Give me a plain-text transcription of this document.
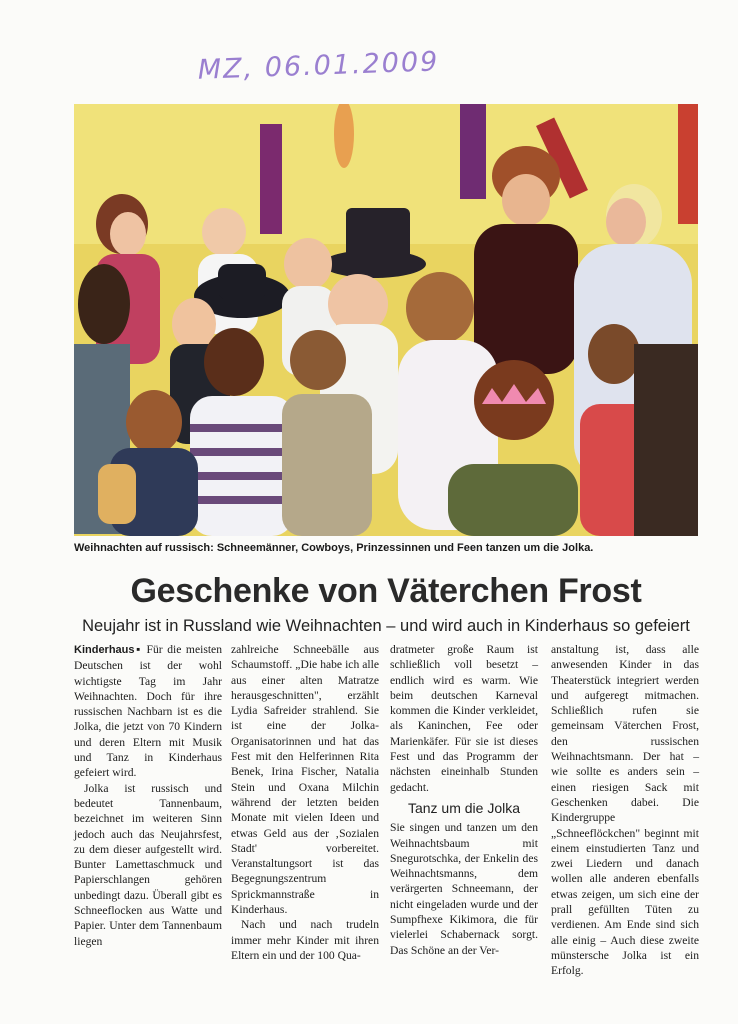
MZ, 06.01.2009
Weihnachten auf russisch: Schneemänner, Cowboys, Prinzessinnen und Feen tanzen um die Jolka.
Geschenke von Väterchen Frost
Neujahr ist in Russland wie Weihnachten – und wird auch in Kinderhaus so gefeiert

Kinderhaus▪ Für die meisten Deutschen ist der wohl wichtigste Tag im Jahr Weihnachten. Doch für ihre russischen Nachbarn ist es die Jolka, die jetzt von 70 Kindern und deren Eltern mit Musik und Tanz in Kinderhaus gefeiert wird.

Jolka ist russisch und bedeutet Tannenbaum, bezeichnet im weiteren Sinn jedoch auch das Neujahrsfest, zu dem dieser aufgestellt wird. Bunter Lamettaschmuck und Papierschlangen gehören unbedingt dazu. Überall gibt es Schneeflocken aus Watte und Papier. Unter dem Tannenbaum liegen

zahlreiche Schneebälle aus Schaumstoff. „Die habe ich alle aus einer alten Matratze herausgeschnitten", erzählt Lydia Safreider strahlend. Sie ist eine der Jolka-Organisatorinnen und hat das Fest mit den Helferinnen Rita Benek, Irina Fischer, Natalia Stein und Oxana Milchin während der letzten beiden Monate mit vielen Ideen und etwas Geld aus der ‚Sozialen Stadt' vorbereitet. Veranstaltungsort ist das Begegnungszentrum Sprickmannstraße in Kinderhaus.

Nach und nach trudeln immer mehr Kinder mit ihren Eltern ein und der 100 Qua-

dratmeter große Raum ist schließlich voll besetzt – endlich wird es warm. Wie beim deutschen Karneval kommen die Kinder verkleidet, als Kaninchen, Fee oder Marienkäfer. Für sie ist dieses Fest und das Programm der nächsten eineinhalb Stunden gedacht.

Tanz um die Jolka

Sie singen und tanzen um den Weihnachtsbaum mit Snegurotschka, der Enkelin des Weihnachtsmanns, dem verärgerten Schneemann, der nicht eingeladen wurde und der Sumpfhexe Kikimora, die für vielerlei Schabernack sorgt. Das Schöne an der Ver-

anstaltung ist, dass alle anwesenden Kinder in das Theaterstück integriert werden und aufgeregt mitmachen. Schließlich rufen sie gemeinsam Väterchen Frost, den russischen Weihnachtsmann. Der hat – wie sollte es anders sein – einen riesigen Sack mit Geschenken dabei. Die Kindergruppe „Schneeflöckchen" beginnt mit einem einstudierten Tanz und zwei Liedern und danach wollen alle anderen ebenfalls etwas zeigen, um sich eine der prall gefüllten Tüten zu verdienen. Am Ende sind sich alle einig – Auch diese zweite münstersche Jolka ist ein Erfolg.
